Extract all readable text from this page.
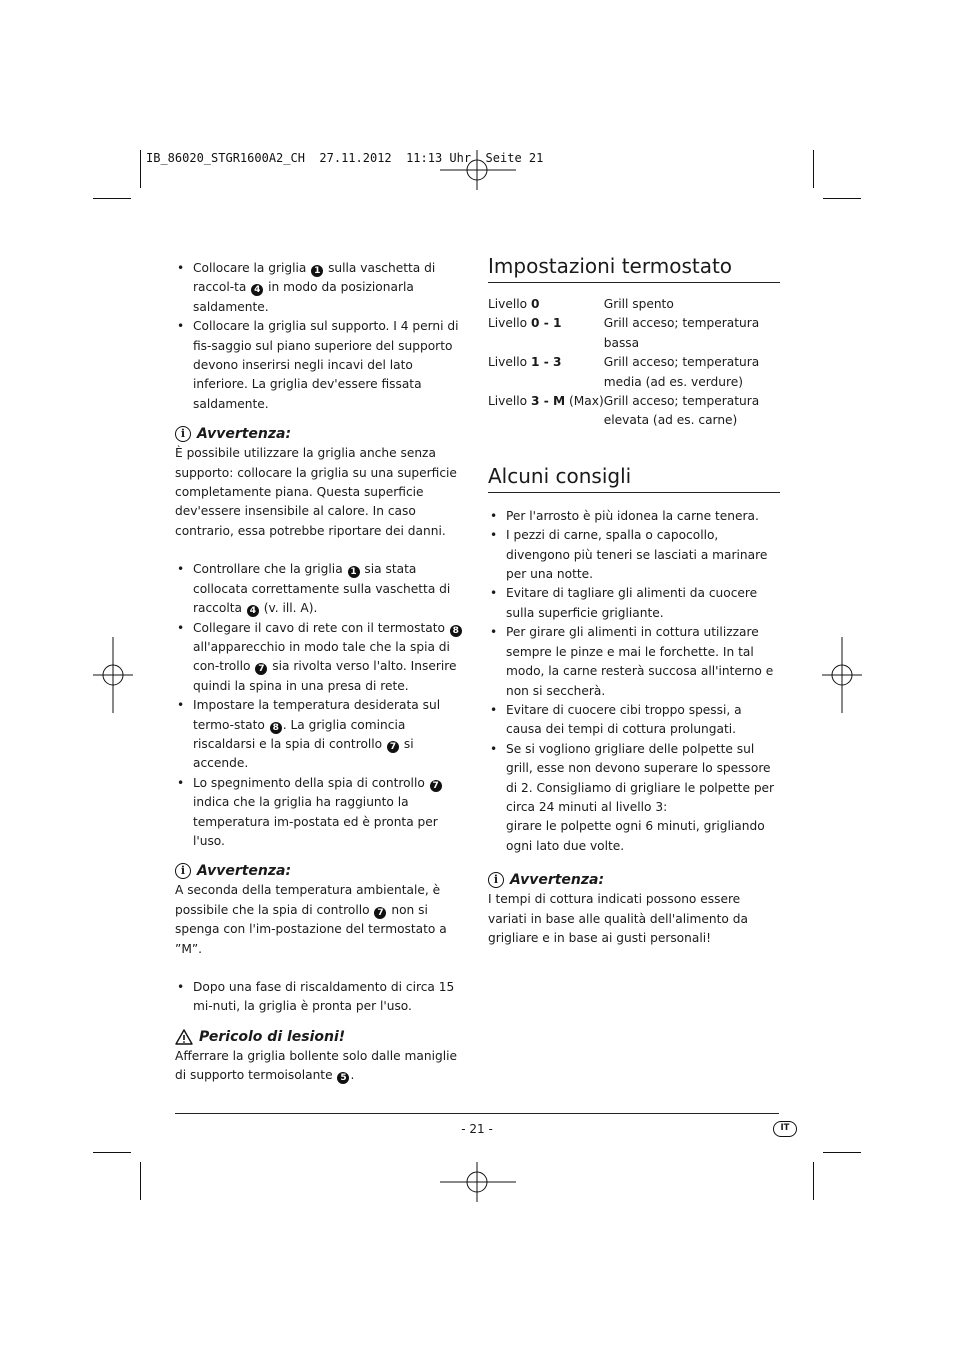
IB_86020_STGR1600A2_CH  27.11.2012  11:13 Uhr  Seite 21
• Collocare la griglia 1 sulla vaschetta di raccol-ta 4 in modo da posizionarla saldamente.
• Collocare la griglia sul supporto. I 4 perni di fis-saggio sul piano superiore del supporto devono inserirsi negli incavi del lato inferiore. La griglia dev'essere fissata saldamente.
i Avvertenza:

È possibile utilizzare la griglia anche senza supporto: collocare la griglia su una superficie completamente piana. Questa superficie dev'essere insensibile al calore. In caso contrario, essa potrebbe riportare dei danni.

• Controllare che la griglia 1 sia stata collocata correttamente sulla vaschetta di raccolta 4 (v. ill. A).
• Collegare il cavo di rete con il termostato 8 all'apparecchio in modo tale che la spia di con-trollo 7 sia rivolta verso l'alto. Inserire quindi la spina in una presa di rete.
• Impostare la temperatura desiderata sul termo-stato 8 . La griglia comincia riscaldarsi e la spia di controllo 7 si accende.
• Lo spegnimento della spia di controllo 7 indica che la griglia ha raggiunto la temperatura im-postata ed è pronta per l'uso.
i Avvertenza:

A seconda della temperatura ambientale, è possibile che la spia di controllo 7 non si spenga con l'im-postazione del termostato a ”M”.

• Dopo una fase di riscaldamento di circa 15 mi-nuti, la griglia è pronta per l'uso.
Pericolo di lesioni!

Afferrare la griglia bollente solo dalle maniglie di supporto termoisolante 5 .

Impostazioni termostato
Livello 0	Grill spento
Livello 0 - 1	Grill acceso; temperatura bassa
Livello 1 - 3	Grill acceso; temperatura media (ad es. verdure)
Livello 3 - M (Max)	Grill acceso; temperatura elevata (ad es. carne)
Alcuni consigli
• Per l'arrosto è più idonea la carne tenera.
• I pezzi di carne, spalla o capocollo, divengono più teneri se lasciati a marinare per una notte.
• Evitare di tagliare gli alimenti da cuocere sulla superficie grigliante.
• Per girare gli alimenti in cottura utilizzare sempre le pinze e mai le forchette. In tal modo, la carne resterà succosa all'interno e non si seccherà.
• Evitare di cuocere cibi troppo spessi, a causa dei tempi di cottura prolungati.
• Se si vogliono grigliare delle polpette sul grill, esse non devono superare lo spessore di 2. Consigliamo di grigliare le polpette per circa 24 minuti al livello 3:
girare le polpette ogni 6 minuti, grigliando ogni lato due volte.
i Avvertenza:

I tempi di cottura indicati possono essere variati in base alle qualità dell'alimento da grigliare e in base ai gusti personali!

- 21 -	IT
